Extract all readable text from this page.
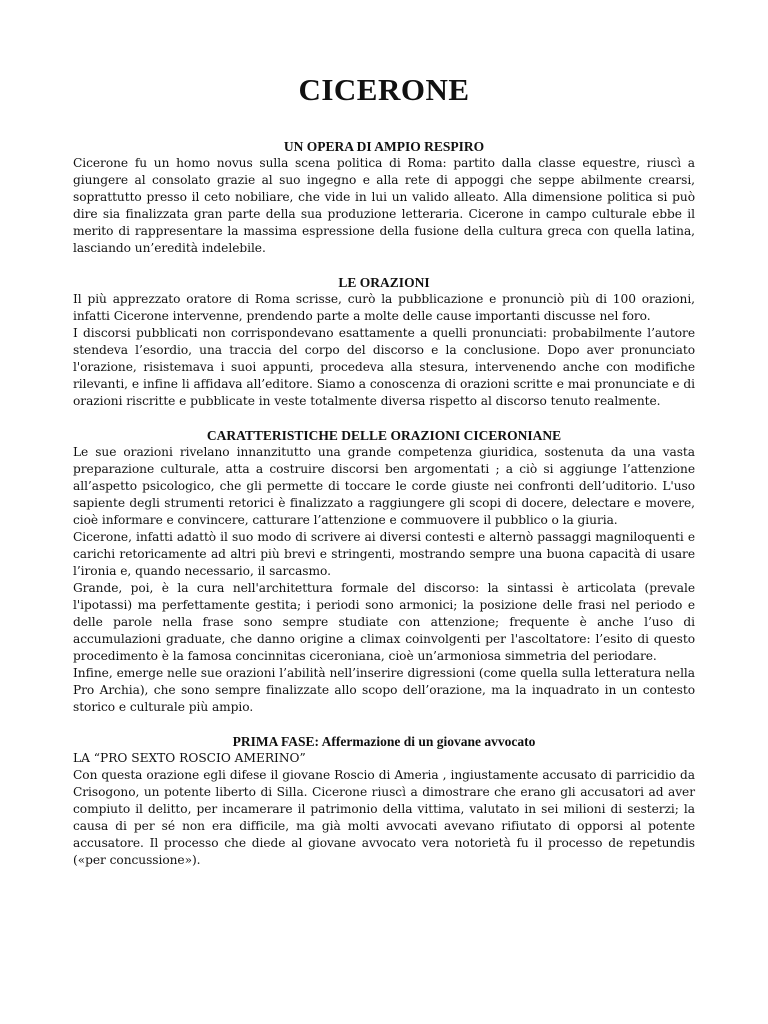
CICERONE
UN OPERA DI AMPIO RESPIRO

Cicerone fu un homo novus sulla scena politica di Roma: partito dalla classe equestre, riuscì a giungere al consolato grazie al suo ingegno e alla rete di appoggi che seppe abilmente crearsi, soprattutto presso il ceto nobiliare, che vide in lui un valido alleato. Alla dimensione politica si può dire sia finalizzata gran parte della sua produzione letteraria. Cicerone in campo culturale ebbe il merito di rappresentare la massima espressione della fusione della cultura greca con quella latina, lasciando un’eredità indelebile.

LE ORAZIONI

Il più apprezzato oratore di Roma scrisse, curò la pubblicazione e pronunciò più di 100 orazioni, infatti Cicerone intervenne, prendendo parte a molte delle cause importanti discusse nel foro.

I discorsi pubblicati non corrispondevano esattamente a quelli pronunciati: probabilmente l’autore stendeva l’esordio, una traccia del corpo del discorso e la conclusione. Dopo aver pronunciato l'orazione, risistemava i suoi appunti, procedeva alla stesura, intervenendo anche con modifiche rilevanti, e infine li affidava all’editore. Siamo a conoscenza di orazioni scritte e mai pronunciate e di orazioni riscritte e pubblicate in veste totalmente diversa rispetto al discorso tenuto realmente.

CARATTERISTICHE DELLE ORAZIONI CICERONIANE

Le sue orazioni rivelano innanzitutto una grande competenza giuridica, sostenuta da una vasta preparazione culturale, atta a costruire discorsi ben argomentati ; a ciò si aggiunge l’attenzione all’aspetto psicologico, che gli permette di toccare le corde giuste nei confronti dell’uditorio. L'uso sapiente degli strumenti retorici è finalizzato a raggiungere gli scopi di docere, delectare e movere, cioè informare e convincere, catturare l’attenzione e commuovere il pubblico o la giuria.

Cicerone, infatti adattò il suo modo di scrivere ai diversi contesti e alternò passaggi magniloquenti e carichi retoricamente ad altri più brevi e stringenti, mostrando sempre una buona capacità di usare l’ironia e, quando necessario, il sarcasmo.

Grande, poi, è la cura nell'architettura formale del discorso: la sintassi è articolata (prevale l'ipotassi) ma perfettamente gestita; i periodi sono armonici; la posizione delle frasi nel periodo e delle parole nella frase sono sempre studiate con attenzione; frequente è anche l’uso di accumulazioni graduate, che danno origine a climax coinvolgenti per l'ascoltatore: l’esito di questo procedimento è la famosa concinnitas ciceroniana, cioè un’armoniosa simmetria del periodare.

Infine, emerge nelle sue orazioni l’abilità nell’inserire digressioni (come quella sulla letteratura nella Pro Archia), che sono sempre finalizzate allo scopo dell’orazione, ma la inquadrato in un contesto storico e culturale più ampio.

PRIMA FASE: Affermazione di un giovane avvocato
LA “PRO SEXTO ROSCIO AMERINO”

Con questa orazione egli difese il giovane Roscio di Ameria , ingiustamente accusato di parricidio da Crisogono, un potente liberto di Silla. Cicerone riuscì a dimostrare che erano gli accusatori ad aver compiuto il delitto, per incamerare il patrimonio della vittima, valutato in sei milioni di sesterzi; la causa di per sé non era difficile, ma già molti avvocati avevano rifiutato di opporsi al potente accusatore. Il processo che diede al giovane avvocato vera notorietà fu il processo de repetundis («per concussione»).
